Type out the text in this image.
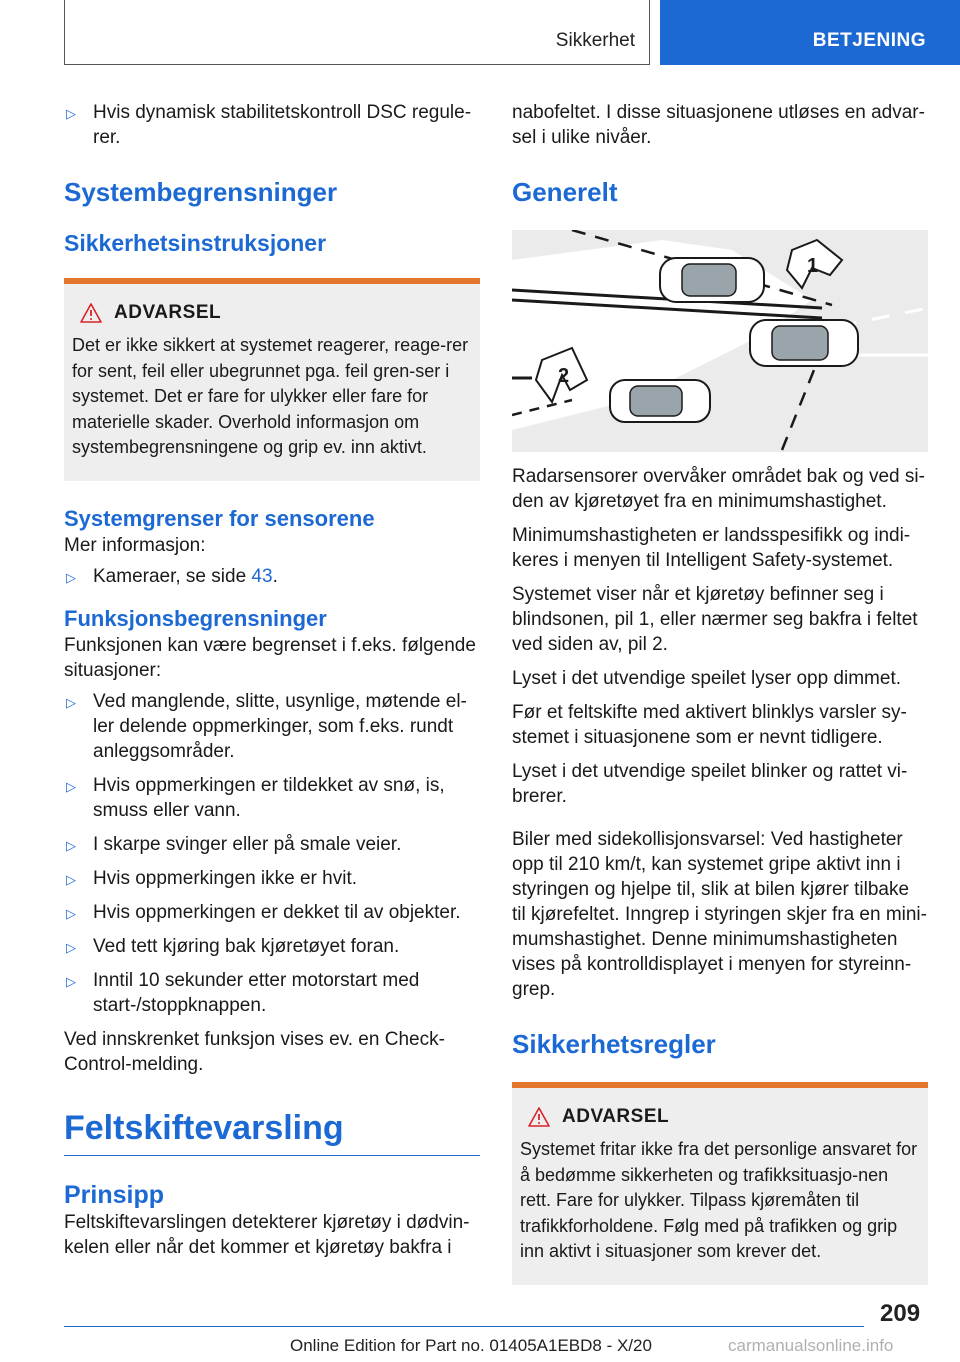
Sikkerhet	BETJENING
▷ Hvis dynamisk stabilitetskontroll DSC regule-rer.
Systembegrensninger
Sikkerhetsinstruksjoner
ADVARSEL

Det er ikke sikkert at systemet reagerer, reage-rer for sent, feil eller ubegrunnet pga. feil gren-ser i systemet. Det er fare for ulykker eller fare for materielle skader. Overhold informasjon om systembegrensningene og grip ev. inn aktivt.

Systemgrenser for sensorene

Mer informasjon:

▷ Kameraer, se side 43.
Funksjonsbegrensninger

Funksjonen kan være begrenset i f.eks. følgende situasjoner:

▷ Ved manglende, slitte, usynlige, møtende el-ler delende oppmerkinger, som f.eks. rundt anleggsområder.
▷ Hvis oppmerkingen er tildekket av snø, is, smuss eller vann.
▷ I skarpe svinger eller på smale veier.
▷ Hvis oppmerkingen ikke er hvit.
▷ Hvis oppmerkingen er dekket til av objekter.
▷ Ved tett kjøring bak kjøretøyet foran.
▷ Inntil 10 sekunder etter motorstart med start-/stoppknappen.

Ved innskrenket funksjon vises ev. en Check-Control-melding.

Feltskiftevarsling
Prinsipp

Feltskiftevarslingen detekterer kjøretøy i dødvin-kelen eller når det kommer et kjøretøy bakfra i

nabofeltet. I disse situasjonene utløses en advar-sel i ulike nivåer.

Generelt
1
2

Radarsensorer overvåker området bak og ved si-den av kjøretøyet fra en minimumshastighet.

Minimumshastigheten er landsspesifikk og indi-keres i menyen til Intelligent Safety-systemet.

Systemet viser når et kjøretøy befinner seg i blindsonen, pil 1, eller nærmer seg bakfra i feltet ved siden av, pil 2.

Lyset i det utvendige speilet lyser opp dimmet.

Før et feltskifte med aktivert blinklys varsler sy-stemet i situasjonene som er nevnt tidligere.

Lyset i det utvendige speilet blinker og rattet vi-brerer.

Biler med sidekollisjonsvarsel: Ved hastigheter opp til 210 km/t, kan systemet gripe aktivt inn i styringen og hjelpe til, slik at bilen kjører tilbake til kjørefeltet. Inngrep i styringen skjer fra en mini-mumshastighet. Denne minimumshastigheten vises på kontrolldisplayet i menyen for styreinn-grep.

Sikkerhetsregler
ADVARSEL

Systemet fritar ikke fra det personlige ansvaret for å bedømme sikkerheten og trafikksituasjo-nen rett. Fare for ulykker. Tilpass kjøremåten til trafikkforholdene. Følg med på trafikken og grip inn aktivt i situasjoner som krever det.

209
Online Edition for Part no. 01405A1EBD8 - X/20	carmanualsonline.info
